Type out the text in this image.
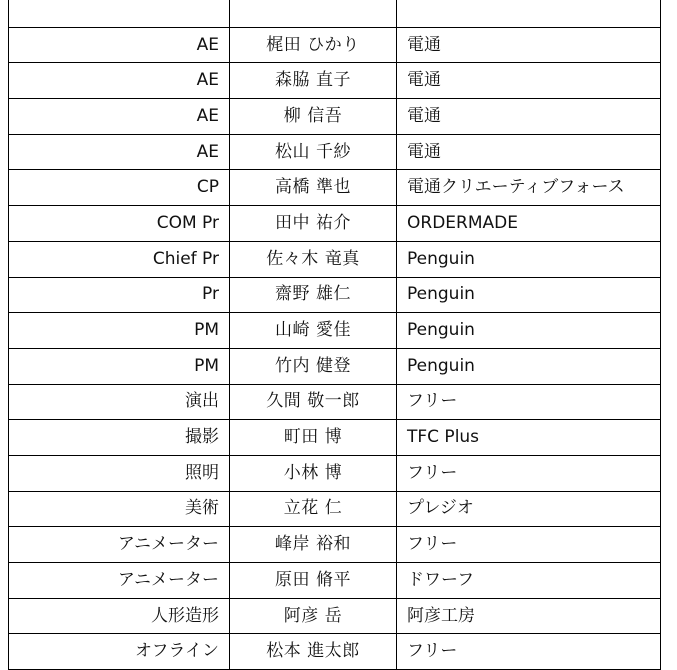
AE	梶田 ひかり	電通
AE	森脇 直子	電通
AE	柳 信吾	電通
AE	松山 千紗	電通
CP	高橋 準也	電通クリエーティブフォース
COM Pr	田中 祐介	ORDERMADE
Chief Pr	佐々木 竜真	Penguin
Pr	齋野 雄仁	Penguin
PM	山崎 愛佳	Penguin
PM	竹内 健登	Penguin
演出	久間 敬一郎	フリー
撮影	町田 博	TFC Plus
照明	小林 博	フリー
美術	立花 仁	プレジオ
アニメーター	峰岸 裕和	フリー
アニメーター	原田 脩平	ドワーフ
人形造形	阿彦 岳	阿彦工房
オフライン	松本 進太郎	フリー
